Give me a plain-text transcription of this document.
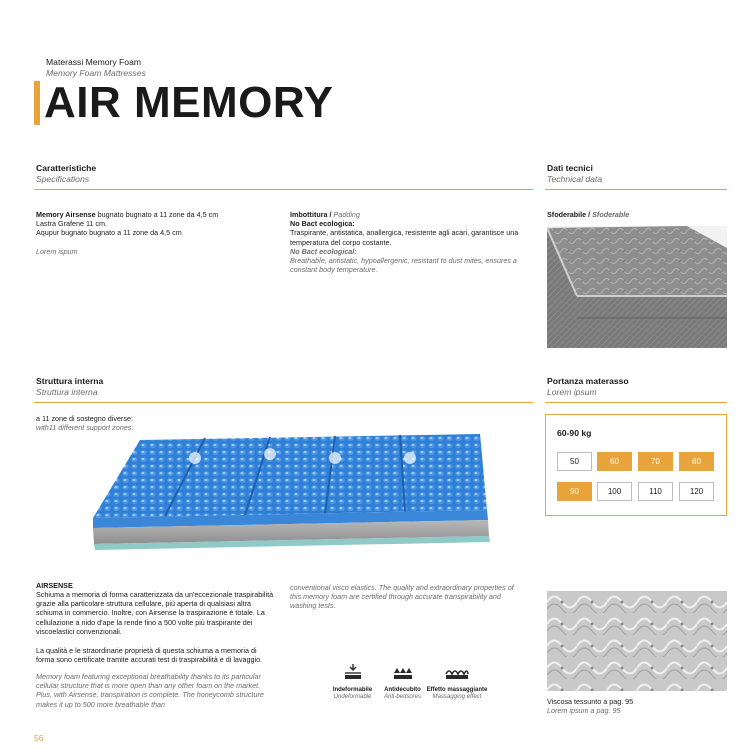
Materassi Memory Foam
Memory Foam Mattresses
AIR MEMORY
Caratteristiche
Specifications
Memory Airsense bugnato bugnato a 11 zone da 4,5 cm
Lastra Grafene 11 cm.
Aqupur bugnato bugnato a 11 zone da 4,5 cm
Lorem ispum
Imbottitura / Padding
No Bact ecologica:
Traspirante, antistatica, anallergica, resistente agli acari, garantisce una temperatura del corpo costante.
No Bact ecological:
Breathable, antistatic, hypoallergenic, resistant to dust mites, ensures a constant body temperature.
Dati tecnici
Technical data
Sfoderabile / Sfoderable
Struttura interna
Struttura interna
a 11 zone di sostegno diverse:
with11 different support zones:
Portanza materasso
Lorem ipsum
60-90 kg
50	60	70	80
90	100	110	120
AIRSENSE
Schiuma a memoria di forma caratterizzata da un'eccezionale traspirabilità grazie alla particolare struttura cellulare, più aperta di qualsiasi altra schiuma in commercio. Inoltre, con Airsense la traspirazione è totale. La cellulazione a nido d'ape la rende fino a 500 volte più traspirante dei viscoelastici convenzionali.
La qualità e le straordinarie proprietà di questa schiuma a memoria di forma sono certificate tramite accurati test di traspirabilità e di lavaggio.
Memory foam featuring exceptional breathability thanks to its particular cellular structure that is more open than any other foam on the market. Plus, with Airsense, transpiration is complete. The honeycomb structure makes it up to 500 more breathable than
conventional visco elastics. The quality and extraordinary properties of this memory foam are certified through accurate transpirability and washing tests.
Indeformabile
Undeformable
Antidecubito
Anti-bedsores
Effetto massaggiante
Massagging effect	Viscosa tessunto a pag. 95
Lorem ipsum a pag. 95
56
